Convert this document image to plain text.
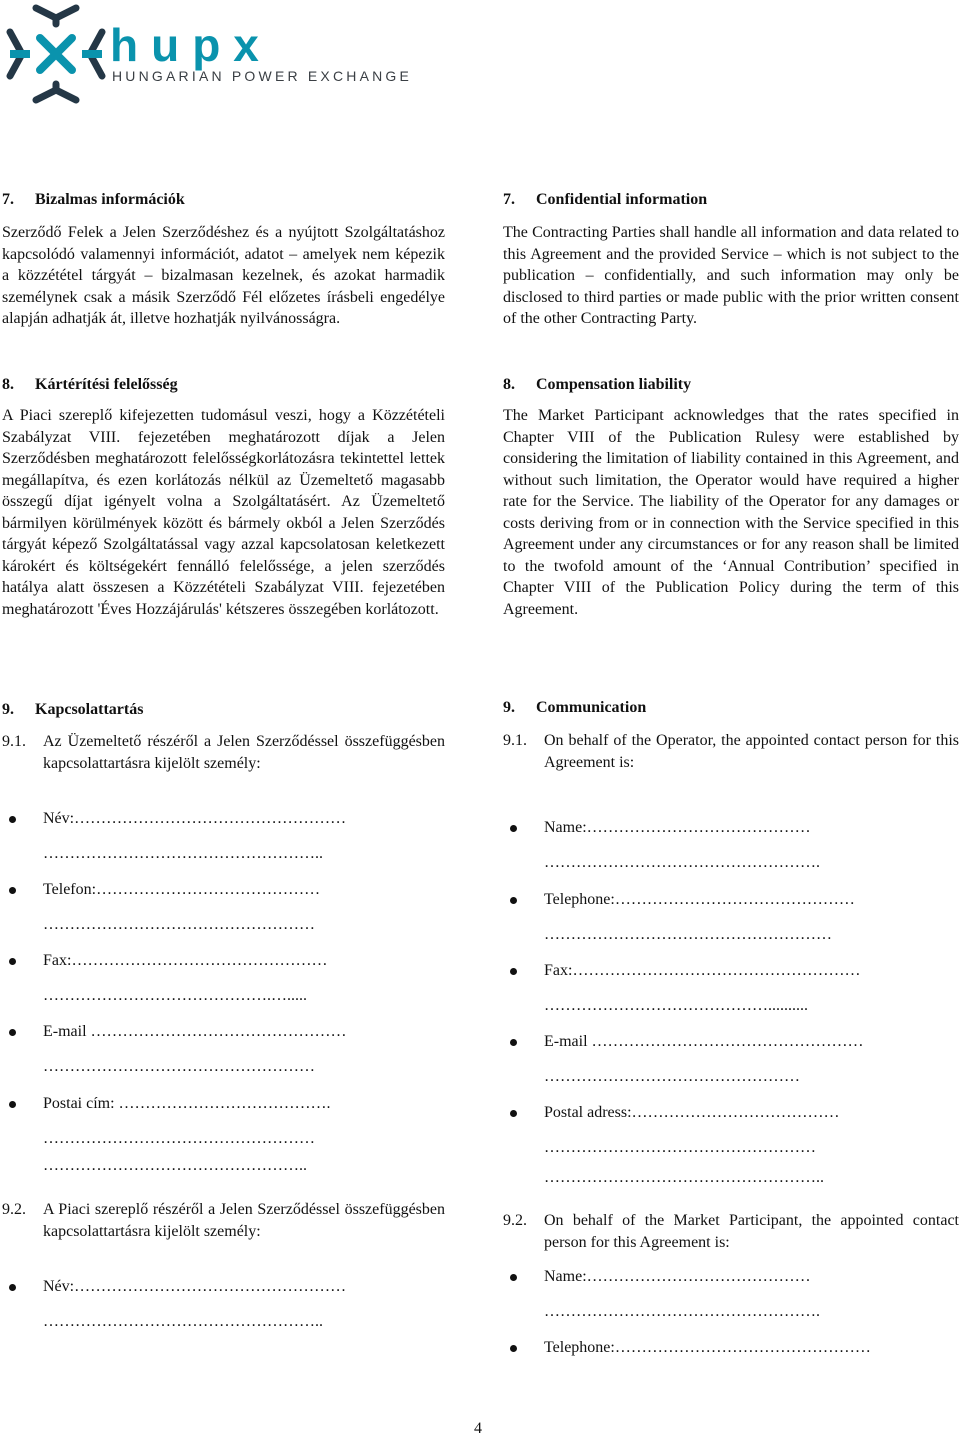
hupx
HUNGARIAN POWER EXCHANGE
7. Bizalmas információk
Szerződő Felek a Jelen Szerződéshez és a nyújtott Szolgáltatáshoz kapcsolódó valamennyi információt, adatot – amelyek nem képezik a közzététel tárgyát – bizalmasan kezelnek, és azokat harmadik személynek csak a másik Szerződő Fél előzetes írásbeli engedélye alapján adhatják át, illetve hozhatják nyilvánosságra.
8. Kártérítési felelősség
A Piaci szereplő kifejezetten tudomásul veszi, hogy a Közzétételi Szabályzat VIII. fejezetében meghatározott díjak a Jelen Szerződésben meghatározott felelősségkorlátozásra tekintettel lettek megállapítva, és ezen korlátozás nélkül az Üzemeltető magasabb összegű díjat igényelt volna a Szolgáltatásért. Az Üzemeltető bármilyen körülmények között és bármely okból a Jelen Szerződés tárgyát képező Szolgáltatással vagy azzal kapcsolatosan keletkezett károkért és költségekért fennálló felelőssége, a jelen szerződés hatálya alatt összesen a Közzétételi Szabályzat VIII. fejezetében meghatározott 'Éves Hozzájárulás' kétszeres összegében korlátozott.
9. Kapcsolattartás
9.1.	Az Üzemeltető részéről a Jelen Szerződéssel összefüggésben kapcsolattartásra kijelölt személy:
Név:……………………………………………
……………………………………………..
Telefon:……………………………………
……………………………………………
Fax:…………………………………………
…………………………………….….....
E-mail …………………………………………
……………………………………………
Postai cím: ………………………………….
……………………………………………
…………………………………………..
9.2.	A Piaci szereplő részéről a Jelen Szerződéssel összefüggésben kapcsolattartásra kijelölt személy:
Név:……………………………………………
……………………………………………..
7. Confidential information
The Contracting Parties shall handle all information and data related to this Agreement and the provided Service – which is not subject to the publication – confidentially, and such information may only be disclosed to third parties or made public with the prior written consent of the other Contracting Party.
8. Compensation liability
The Market Participant acknowledges that the rates specified in Chapter VIII of the Publication Rulesy were established by considering the limitation of liability contained in this Agreement, and without such limitation, the Operator would have required a higher rate for the Service. The liability of the Operator for any damages or costs deriving from or in connection with the Service specified in this Agreement under any circumstances or for any reason shall be limited to the twofold amount of the ‘Annual Contribution’ specified in Chapter VIII of the Publication Policy during the term of this Agreement.
9. Communication
9.1.	On behalf of the Operator, the appointed contact person for this Agreement is:
Name:……………………………………
…………………………………………….
Telephone:………………………………………
………………………………………………
Fax:………………………………………………
……………………………………..........
E-mail ……………………………………………
…………………………………………
Postal adress:…………………………………
……………………………………………
……………………………………………..
9.2.	On behalf of the Market Participant, the appointed contact person for this Agreement is:
Name:……………………………………
…………………………………………….
Telephone:…………………………………………
4
